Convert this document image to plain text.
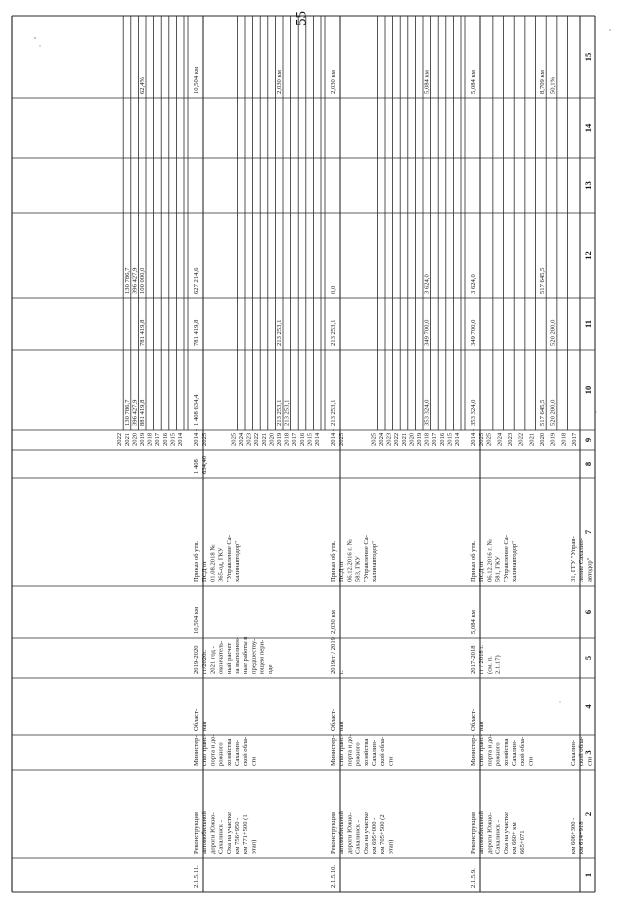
55
1
2
3
4
5
6
7
8
9
10
11
12
13
14
15
км 606+300 -км 614+918
Сахалин-ской обла-сти
31, ГГУ "Управ-ление Сахалин-автодор"
2017
2018
2019
2020
2021
2022
2023
2024
2025
520 200,0
517 645,5
520 200,0
517 645,5
50,1%
8,709 км
2.1.5.9.
Реконструкцияавтомобильнойдороги Южно-Сахалинск -Оха на участкекм 660+ км665+071
Министер-ство транс-порта и до-рожногохозяйстваСахалин-ской обла-сти
Област-ная
2017-2018гг / 2018 г.(см. п.2.1.17)
5,084 км
Приказ об утв.ПСД от06.12.2016 г. №581, ГКУ"Управление Са-халинавтодор"
2014 -2025
2014
2015
2016
2017
2018
2019
2020
2021
2022
2023
2024
2025
353 324,0
349 700,0
3 624,0
5,084 км
353 324,0
349 700,0
3 624,0
5,084 км
2.1.5.10.
Реконструкцияавтомобильнойдороги Южно-Сахалинск -Оха на участкекм 695+000 -км 705+500 (2этап)
Министер-ство транс-порта и до-рожногохозяйстваСахалин-ской обла-сти
Област-ная
2019гг / 2019г.
2,030 км
Приказ об утв.ПСД от06.12.2016 г. №583, ГКУ"Управление Са-халинавтодор"
2014 -2025
2014
2015
2016
2017
2018
2019
2020
2021
2022
2023
2024
2025
213 253,1
213 253,1
0,0
2,030 км
213 253,1
213 253,1
213 253,1
2,030 км
2.1.5.11.
Реконструкцияавтомобильнойдороги Южно-Сахалинск -Оха на участкекм 756+950 -км 771+500 (1этап)
Министер-ство транс-порта и до-рожногохозяйстваСахалин-ской обла-сти
Област-ная
2019-2020гг/2020г.2021 год -окончатель-ный расчетза выполнен-ные работы впредшеству-ющем пери-оде
10,504 км
Приказ об утв.ПСД от01.08.2018 №365-од, ГКУ"Управление Са-халинавтодор"
1 408634,40
2014 -2025
2014
2015
2016
2017
2018
2019
2020
2021
2022
1 408 634,4
781 419,8
627 214,6
10,504 км
881 419,8
781 419,8
100 000,0
62,4%
396 427,9
396 427,9
130 786,7
130 786,7
